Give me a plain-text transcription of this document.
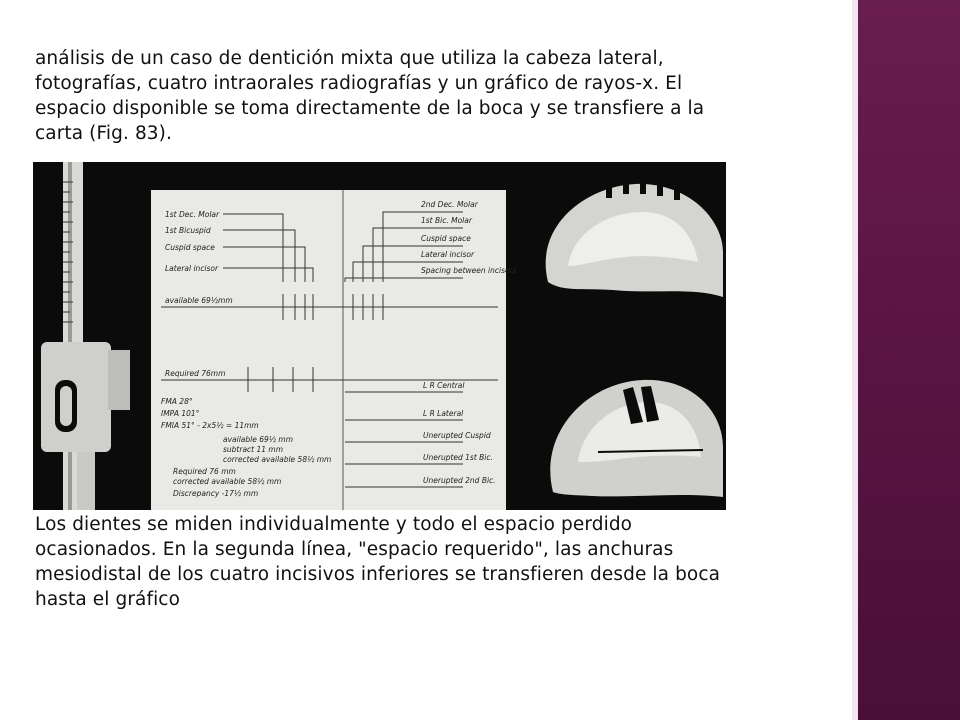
análisis de un caso de dentición mixta que utiliza la cabeza lateral,
fotografías, cuatro intraorales radiografías y un gráfico de rayos-x. El
espacio disponible se toma directamente de la boca y se transfiere a la
carta (Fig. 83).

1st Dec. Molar
1st Bicuspid
Cuspid space
Lateral incisor
2nd Dec. Molar
1st Bic. Molar
Cuspid space
Lateral incisor
Spacing between incisors
available 69½mm
Required 76mm
FMA 28°
IMPA 101°
FMIA 51° - 2x5½ = 11mm
available 69½ mm
subtract 11 mm
corrected available 58½ mm
Required 76 mm
corrected available 58½ mm
Discrepancy -17½ mm
L R Central
L R Lateral
Unerupted Cuspid
Unerupted 1st Bic.
Unerupted 2nd Bic.

Los dientes se miden individualmente y todo el espacio perdido
ocasionados. En la segunda línea, "espacio requerido", las anchuras
mesiodistal de los cuatro incisivos inferiores se transfieren desde la boca
hasta el gráfico
